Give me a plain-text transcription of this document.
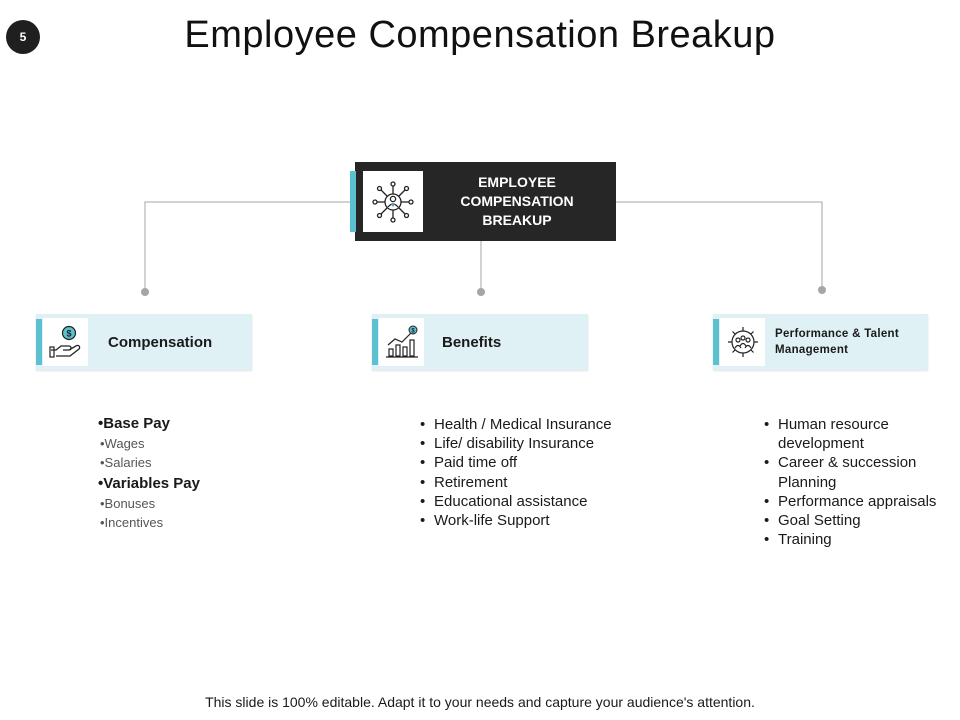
5	Employee Compensation Breakup
EMPLOYEE
COMPENSATION
BREAKUP
$ Compensation
$
Benefits	Performance & Talent Management
•Base Pay
•Wages
•Salaries
•Variables Pay
•Bonuses
•Incentives
• Health / Medical Insurance
• Life/ disability Insurance
• Paid time off
• Retirement
• Educational assistance
• Work-life Support
• Human resource
development
• Career & succession
Planning
• Performance appraisals
• Goal Setting
• Training
This slide is 100% editable. Adapt it to your needs and capture your audience's attention.
